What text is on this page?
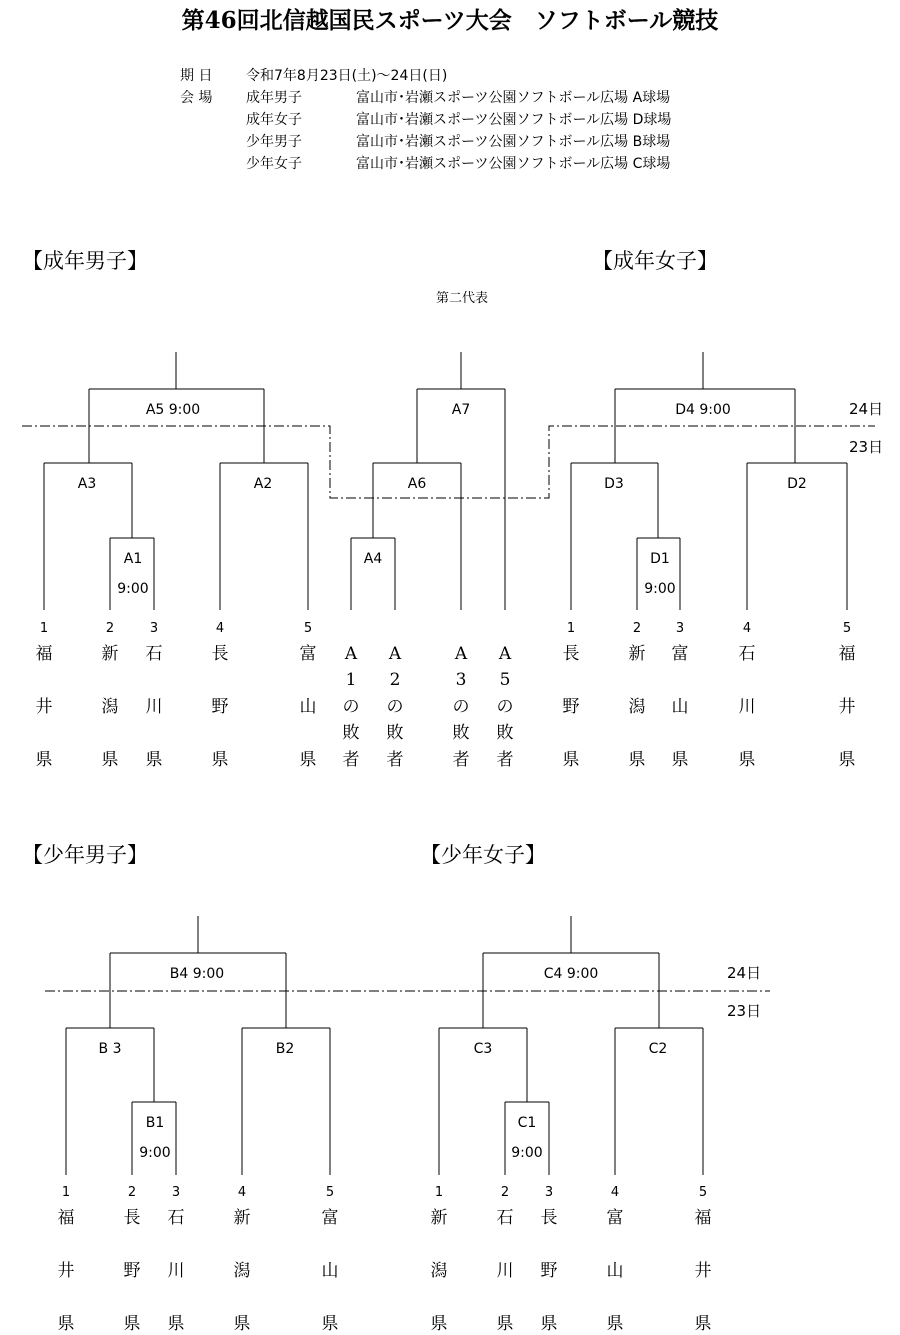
第46回北信越国民スポーツ大会　ソフトボール競技
期 日 令和7年8月23日(土)～24日(日)
会 場 成年男子	富山市･岩瀬スポーツ公園ソフトボール広場 A球場
成年女子	富山市･岩瀬スポーツ公園ソフトボール広場 D球場
少年男子	富山市･岩瀬スポーツ公園ソフトボール広場 B球場
少年女子	富山市･岩瀬スポーツ公園ソフトボール広場 C球場
【成年男子】	【成年女子】
第二代表
24日
23日
A5 9:00
A3	A2
A1
9:00
A7
A6
A4
D4 9:00
D3	D2
D1
9:00
1	2	3	4	5
福
井
県
新
潟
県
石
川
県
長
野
県
富
山
県
A
1
の
敗
者
A
2
の
敗
者
A
3
の
敗
者
A
5
の
敗
者
1	2	3	4	5
長
野
県
新
潟
県
富
山
県
石
川
県
福
井
県
【少年男子】	【少年女子】
24日
23日
B4 9:00
B 3	B2
B1
9:00
C4 9:00
C3	C2
C1
9:00
1	2	3	4	5
福
井
県
長
野
県
石
川
県
新
潟
県
富
山
県
1	2	3	4	5
新
潟
県
石
川
県
長
野
県
富
山
県
福
井
県
